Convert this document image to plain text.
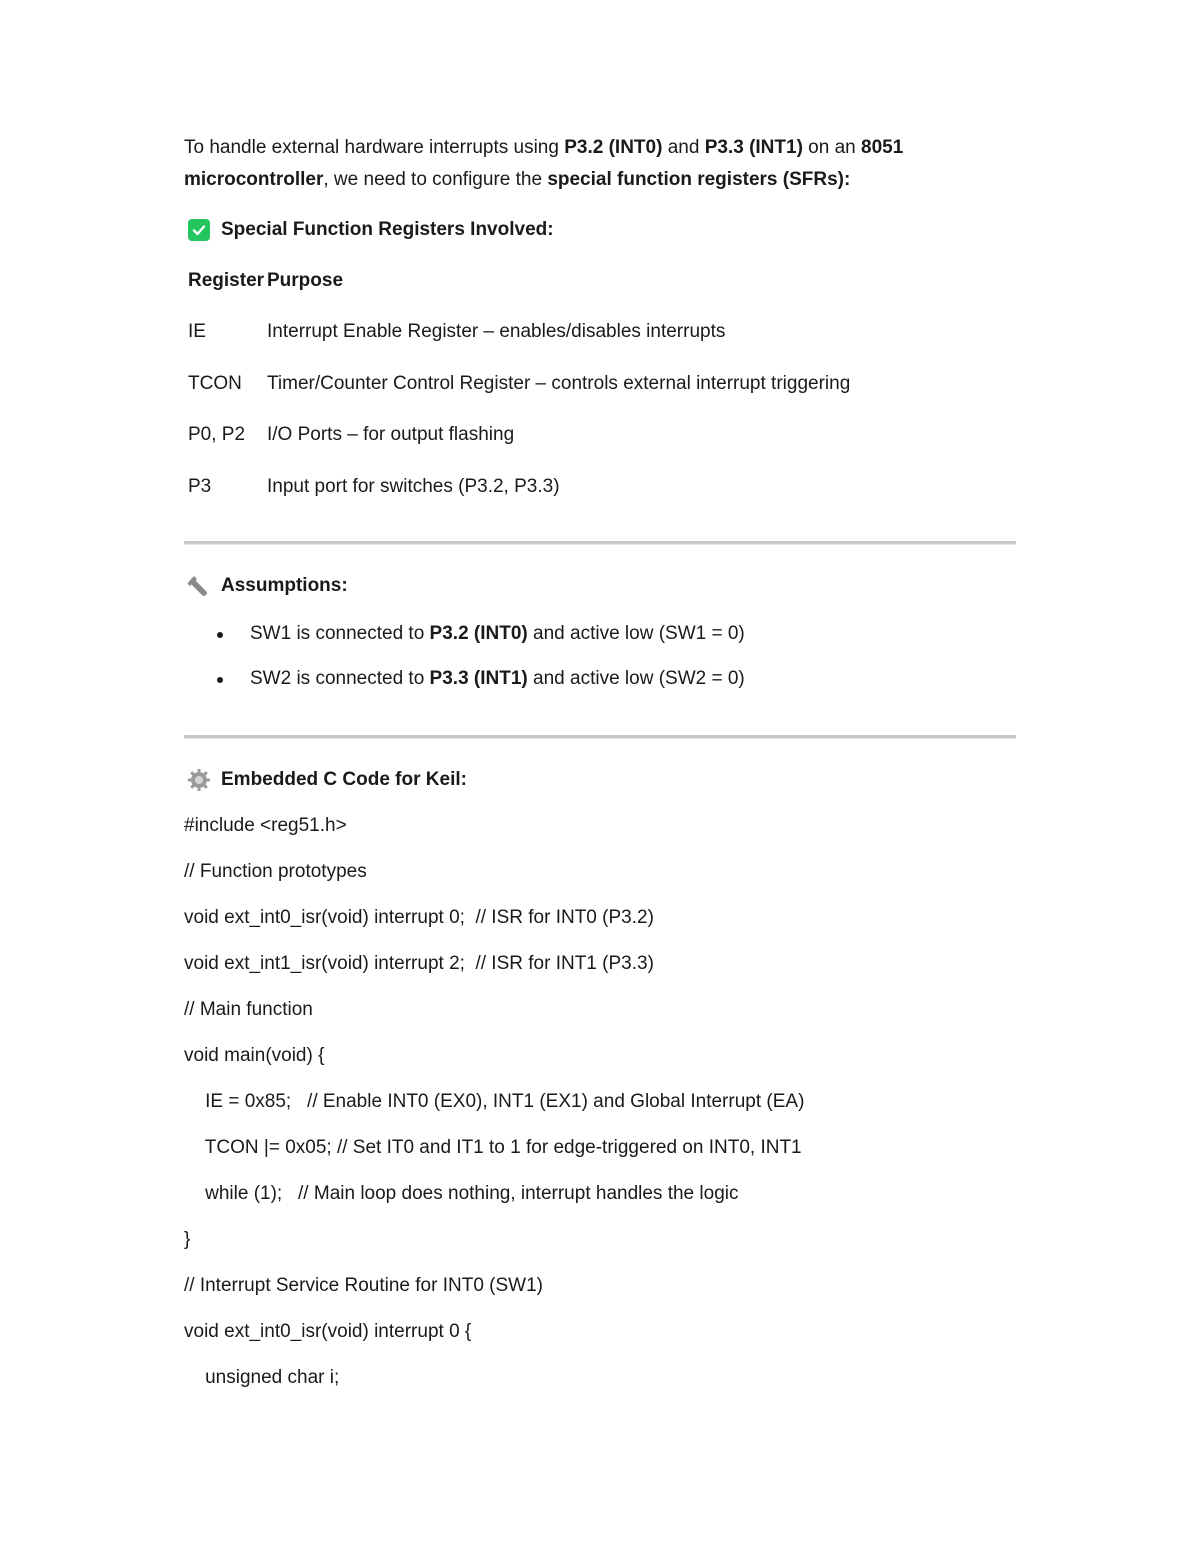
To handle external hardware interrupts using P3.2 (INT0) and P3.3 (INT1) on an 8051 microcontroller, we need to configure the special function registers (SFRs):

Special Function Registers Involved:
Register	Purpose
IE	Interrupt Enable Register – enables/disables interrupts
TCON	Timer/Counter Control Register – controls external interrupt triggering
P0, P2	I/O Ports – for output flashing
P3	Input port for switches (P3.2, P3.3)
Assumptions:
SW1 is connected to P3.2 (INT0) and active low (SW1 = 0)
SW2 is connected to P3.3 (INT1) and active low (SW2 = 0)
Embedded C Code for Keil:
#include <reg51.h>
// Function prototypes
void ext_int0_isr(void) interrupt 0;  // ISR for INT0 (P3.2)
void ext_int1_isr(void) interrupt 2;  // ISR for INT1 (P3.3)
// Main function
void main(void) {
IE = 0x85;   // Enable INT0 (EX0), INT1 (EX1) and Global Interrupt (EA)
TCON |= 0x05; // Set IT0 and IT1 to 1 for edge-triggered on INT0, INT1
while (1);   // Main loop does nothing, interrupt handles the logic
}
// Interrupt Service Routine for INT0 (SW1)
void ext_int0_isr(void) interrupt 0 {
unsigned char i;
